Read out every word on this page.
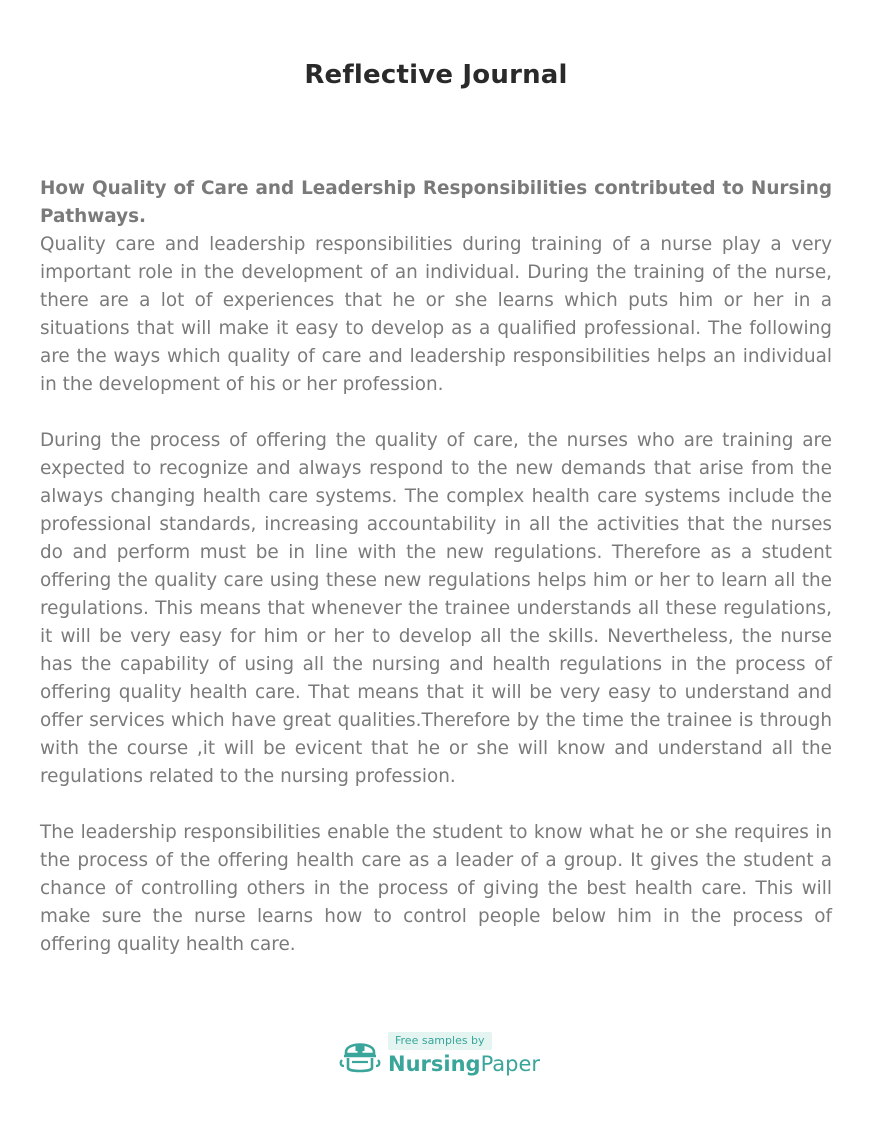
Reflective Journal
How Quality of Care and Leadership Responsibilities contributed to Nursing Pathways.

Quality care and leadership responsibilities during training of a nurse play a very important role in the development of an individual. During the training of the nurse, there are a lot of experiences that he or she learns which puts him or her in a situations that will make it easy to develop as a qualified professional. The following are the ways which quality of care and leadership responsibilities helps an individual in the development of his or her profession.

During the process of offering the quality of care, the nurses who are training are expected to recognize and always respond to the new demands that arise from the always changing health care systems. The complex health care systems include the professional standards, increasing accountability in all the activities that the nurses do and perform must be in line with the new regulations. Therefore as a student offering the quality care using these new regulations helps him or her to learn all the regulations. This means that whenever the trainee understands all these regulations, it will be very easy for him or her to develop all the skills. Nevertheless, the nurse has the capability of using all the nursing and health regulations in the process of offering quality health care. That means that it will be very easy to understand and offer services which have great qualities.Therefore by the time the trainee is through with the course ,it will be evicent that he or she will know and understand all the regulations related to the nursing profession.

The leadership responsibilities enable the student to know what he or she requires in the process of the offering health care as a leader of a group. It gives the student a chance of controlling others in the process of giving the best health care. This will make sure the nurse learns how to control people below him in the process of offering quality health care.

Free samples by
NursingPaper
